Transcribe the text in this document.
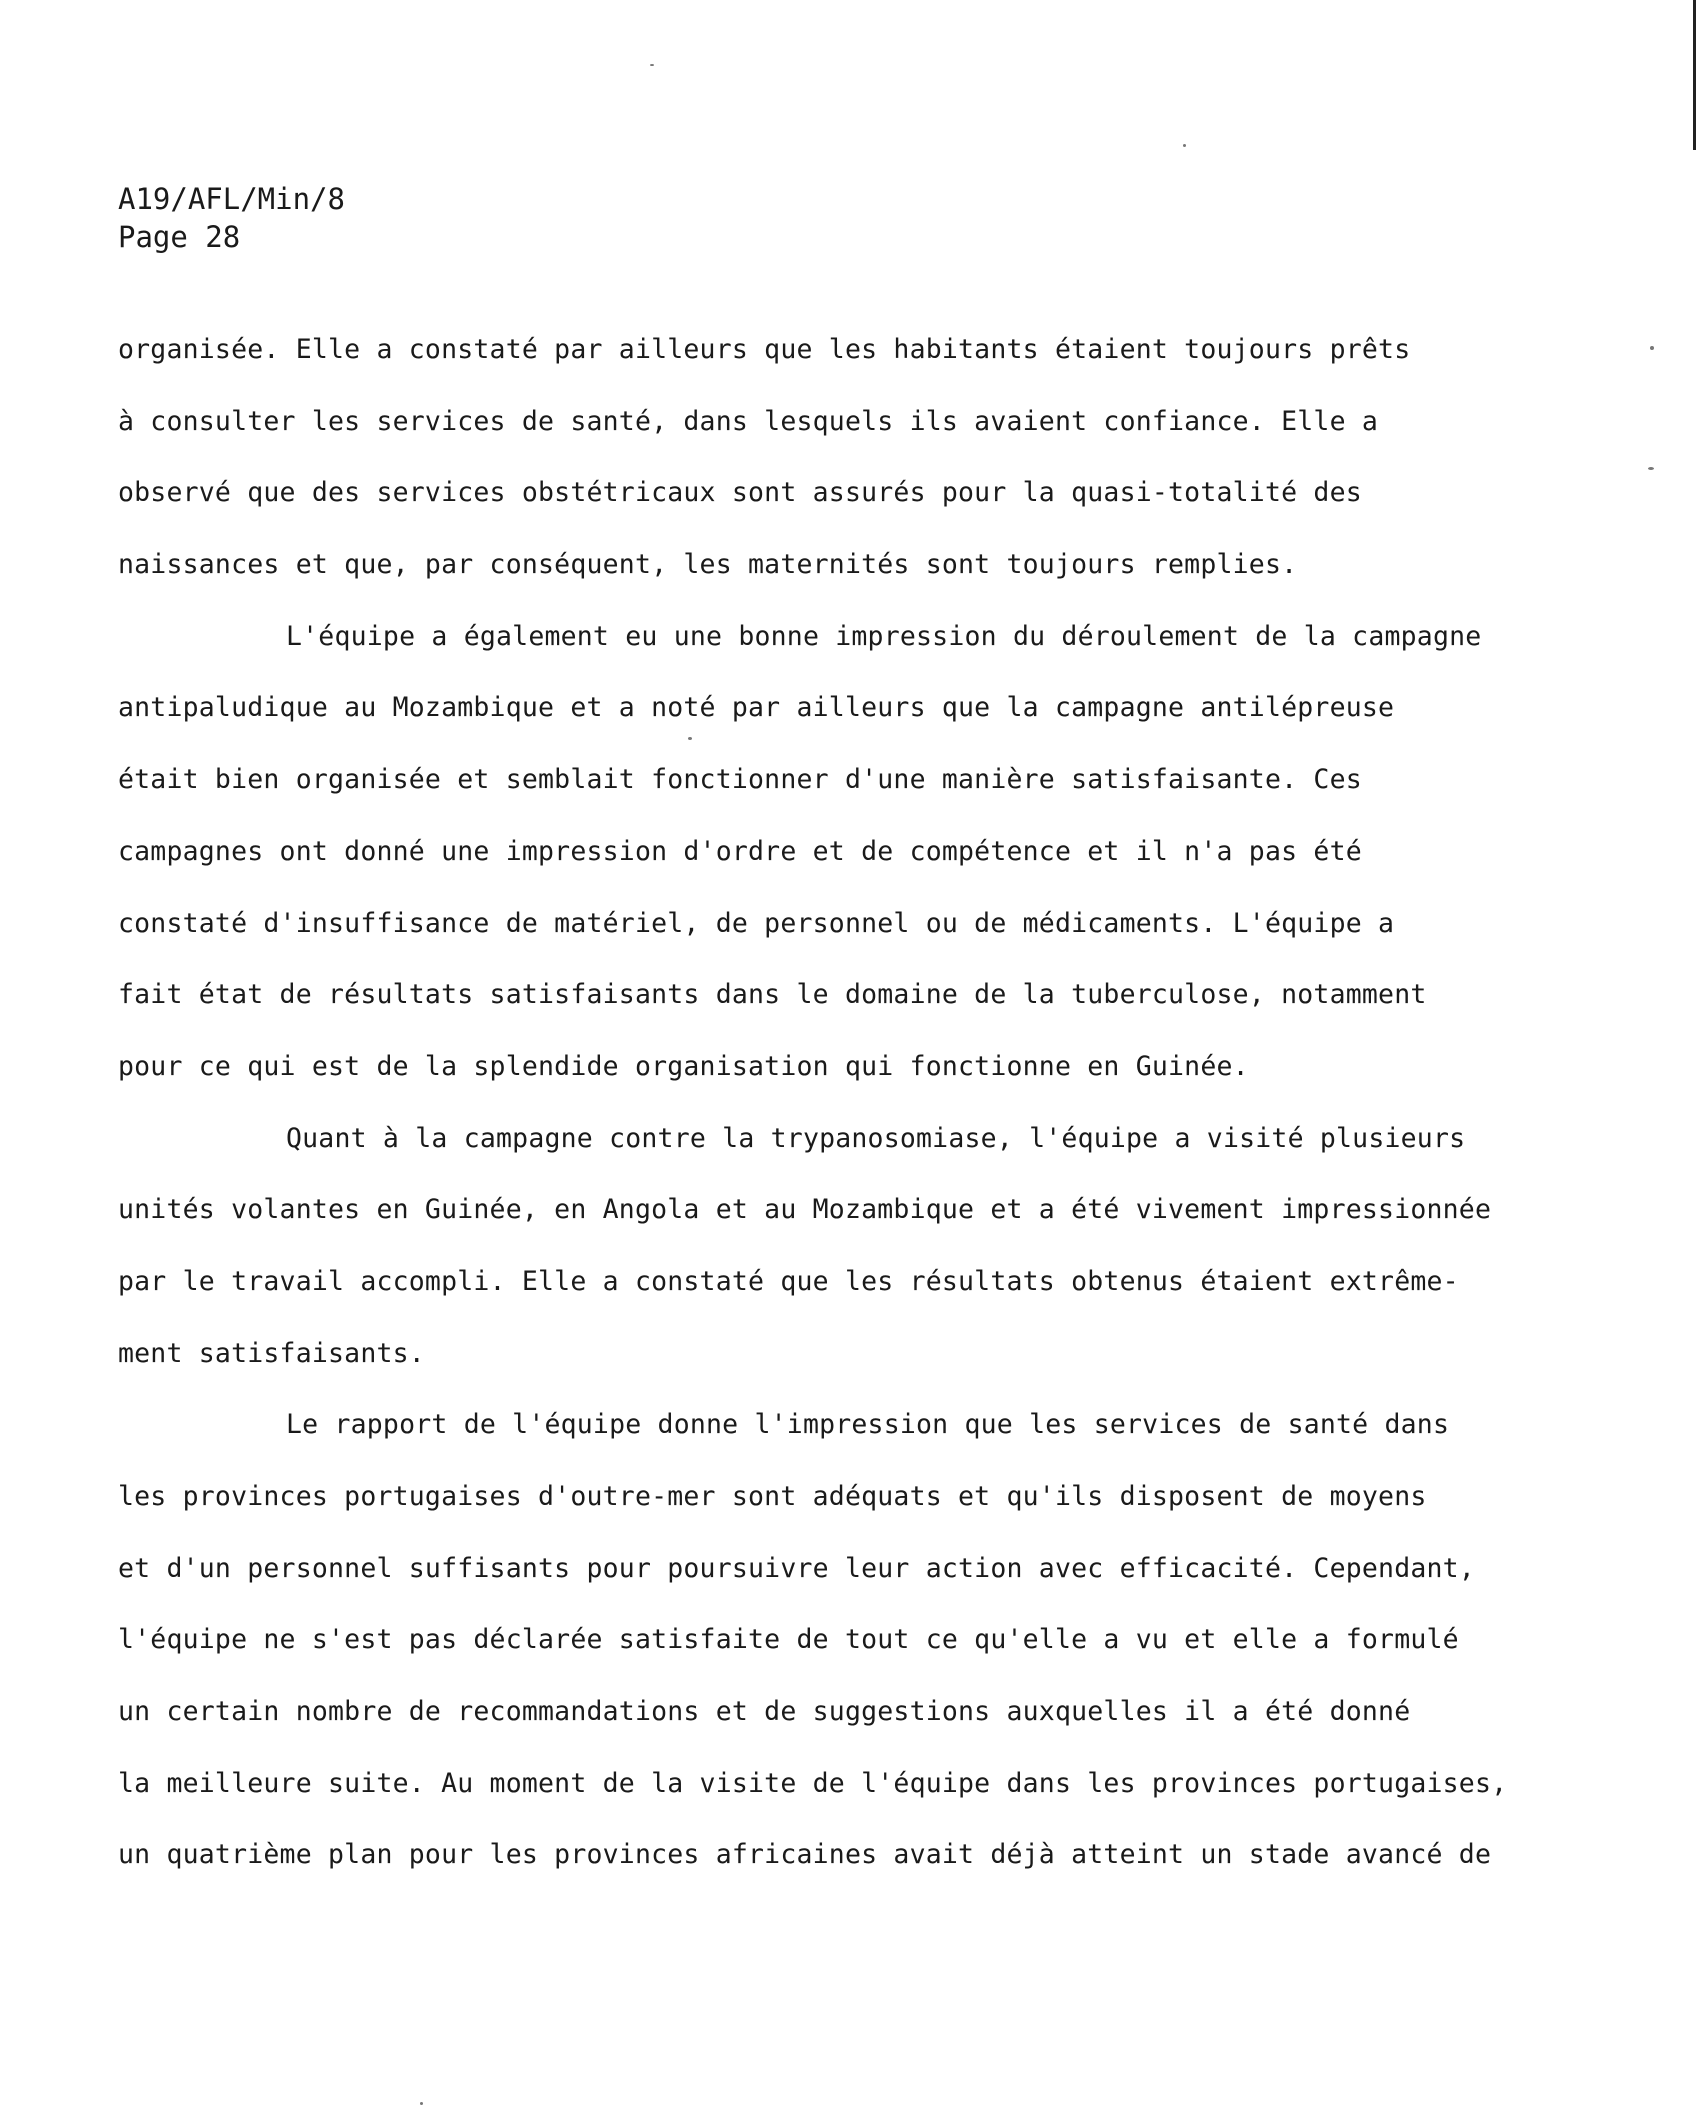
A19/AFL/Min/8
Page 28
organisée. Elle a constaté par ailleurs que les habitants étaient toujours prêts
à consulter les services de santé, dans lesquels ils avaient confiance. Elle a
observé que des services obstétricaux sont assurés pour la quasi-totalité des
naissances et que, par conséquent, les maternités sont toujours remplies.
L'équipe a également eu une bonne impression du déroulement de la campagne
antipaludique au Mozambique et a noté par ailleurs que la campagne antilépreuse
était bien organisée et semblait fonctionner d'une manière satisfaisante. Ces
campagnes ont donné une impression d'ordre et de compétence et il n'a pas été
constaté d'insuffisance de matériel, de personnel ou de médicaments. L'équipe a
fait état de résultats satisfaisants dans le domaine de la tuberculose, notamment
pour ce qui est de la splendide organisation qui fonctionne en Guinée.
Quant à la campagne contre la trypanosomiase, l'équipe a visité plusieurs
unités volantes en Guinée, en Angola et au Mozambique et a été vivement impressionnée
par le travail accompli. Elle a constaté que les résultats obtenus étaient extrême-
ment satisfaisants.
Le rapport de l'équipe donne l'impression que les services de santé dans
les provinces portugaises d'outre-mer sont adéquats et qu'ils disposent de moyens
et d'un personnel suffisants pour poursuivre leur action avec efficacité. Cependant,
l'équipe ne s'est pas déclarée satisfaite de tout ce qu'elle a vu et elle a formulé
un certain nombre de recommandations et de suggestions auxquelles il a été donné
la meilleure suite. Au moment de la visite de l'équipe dans les provinces portugaises,
un quatrième plan pour les provinces africaines avait déjà atteint un stade avancé de
